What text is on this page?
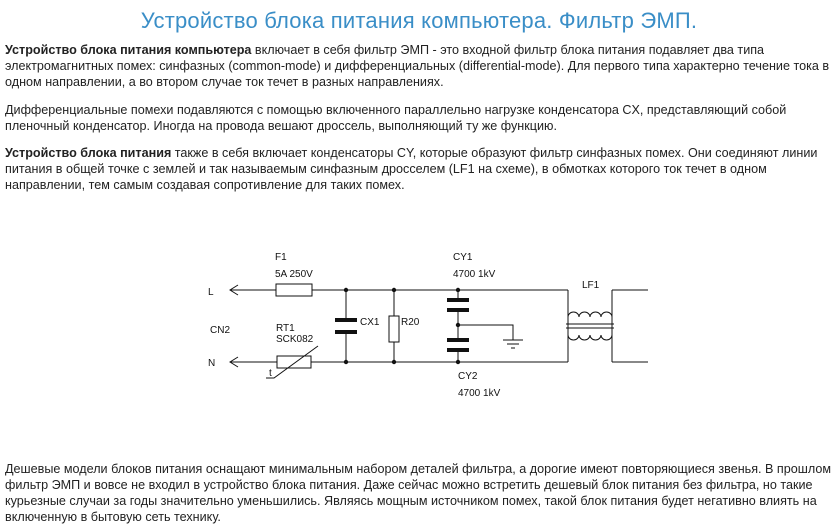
Устройство блока питания компьютера. Фильтр ЭМП.

Устройство блока питания компьютера включает в себя фильтр ЭМП - это входной фильтр блока питания подавляет два типа электромагнитных помех: синфазных (common-mode) и дифференциальных (differential-mode). Для первого типа характерно течение тока в одном направлении, а во втором случае ток течет в разных направлениях.

Дифференциальные помехи подавляются с помощью включенного параллельно нагрузке конденсатора CX, представляющий собой пленочный конденсатор. Иногда на провода вешают дроссель, выполняющий ту же функцию.

Устройство блока питания также в себя включает конденсаторы CY, которые образуют фильтр синфазных помех. Они соединяют линии питания в общей точке с землей и так называемым синфазным дросселем (LF1 на схеме), в обмотках которого ток течет в одном направлении, тем самым создавая сопротивление для таких помех.

L
N
CN2
F1
5A 250V
RT1
SCK082
t
CX1 R20
CY1
4700 1kV
CY2
4700 1kV
LF1

Дешевые модели блоков питания оснащают минимальным набором деталей фильтра, а дорогие имеют повторяющиеся звенья. В прошлом фильтр ЭМП и вовсе не входил в устройство блока питания. Даже сейчас можно встретить дешевый блок питания без фильтра, но такие курьезные случаи за годы значительно уменьшились. Являясь мощным источником помех, такой блок питания будет негативно влиять на включенную в бытовую сеть технику.
